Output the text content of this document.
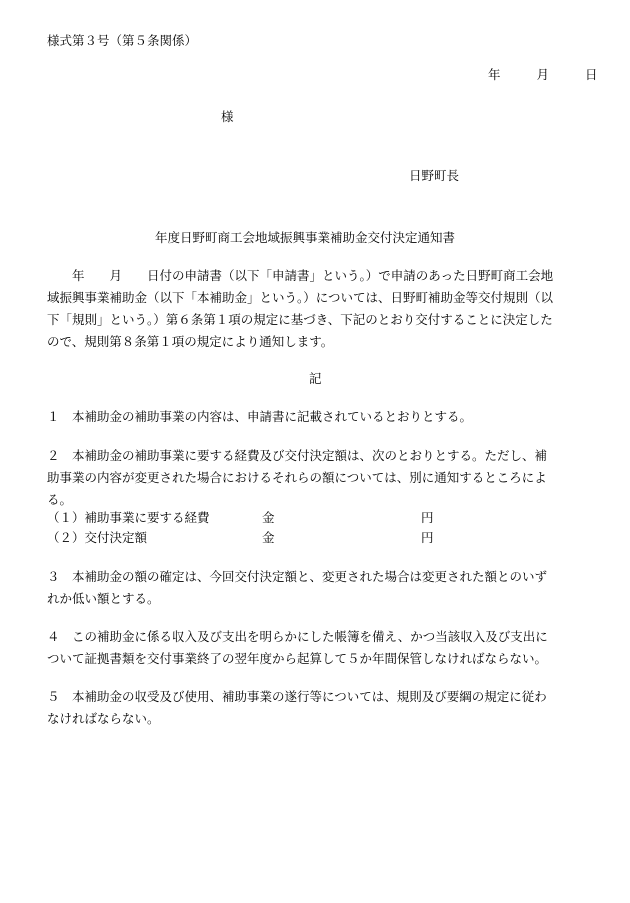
様式第３号（第５条関係）
年	月	日
様
日野町長
年度日野町商工会地域振興事業補助金交付決定通知書
　　年　　月　　日付の申請書（以下「申請書」という。）で申請のあった日野町商工会地
域振興事業補助金（以下「本補助金」という。）については、日野町補助金等交付規則（以
下「規則」という。）第６条第１項の規定に基づき、下記のとおり交付することに決定した
ので、規則第８条第１項の規定により通知します。
記
１　本補助金の補助事業の内容は、申請書に記載されているとおりとする。
２　本補助金の補助事業に要する経費及び交付決定額は、次のとおりとする。ただし、補
助事業の内容が変更された場合におけるそれらの額については、別に通知するところによ
る。
（１）補助事業に要する経費	金	円
（２）交付決定額	金	円
３　本補助金の額の確定は、今回交付決定額と、変更された場合は変更された額とのいず
れか低い額とする。
４　この補助金に係る収入及び支出を明らかにした帳簿を備え、かつ当該収入及び支出に
ついて証拠書類を交付事業終了の翌年度から起算して５か年間保管しなければならない。
５　本補助金の収受及び使用、補助事業の遂行等については、規則及び要綱の規定に従わ
なければならない。
